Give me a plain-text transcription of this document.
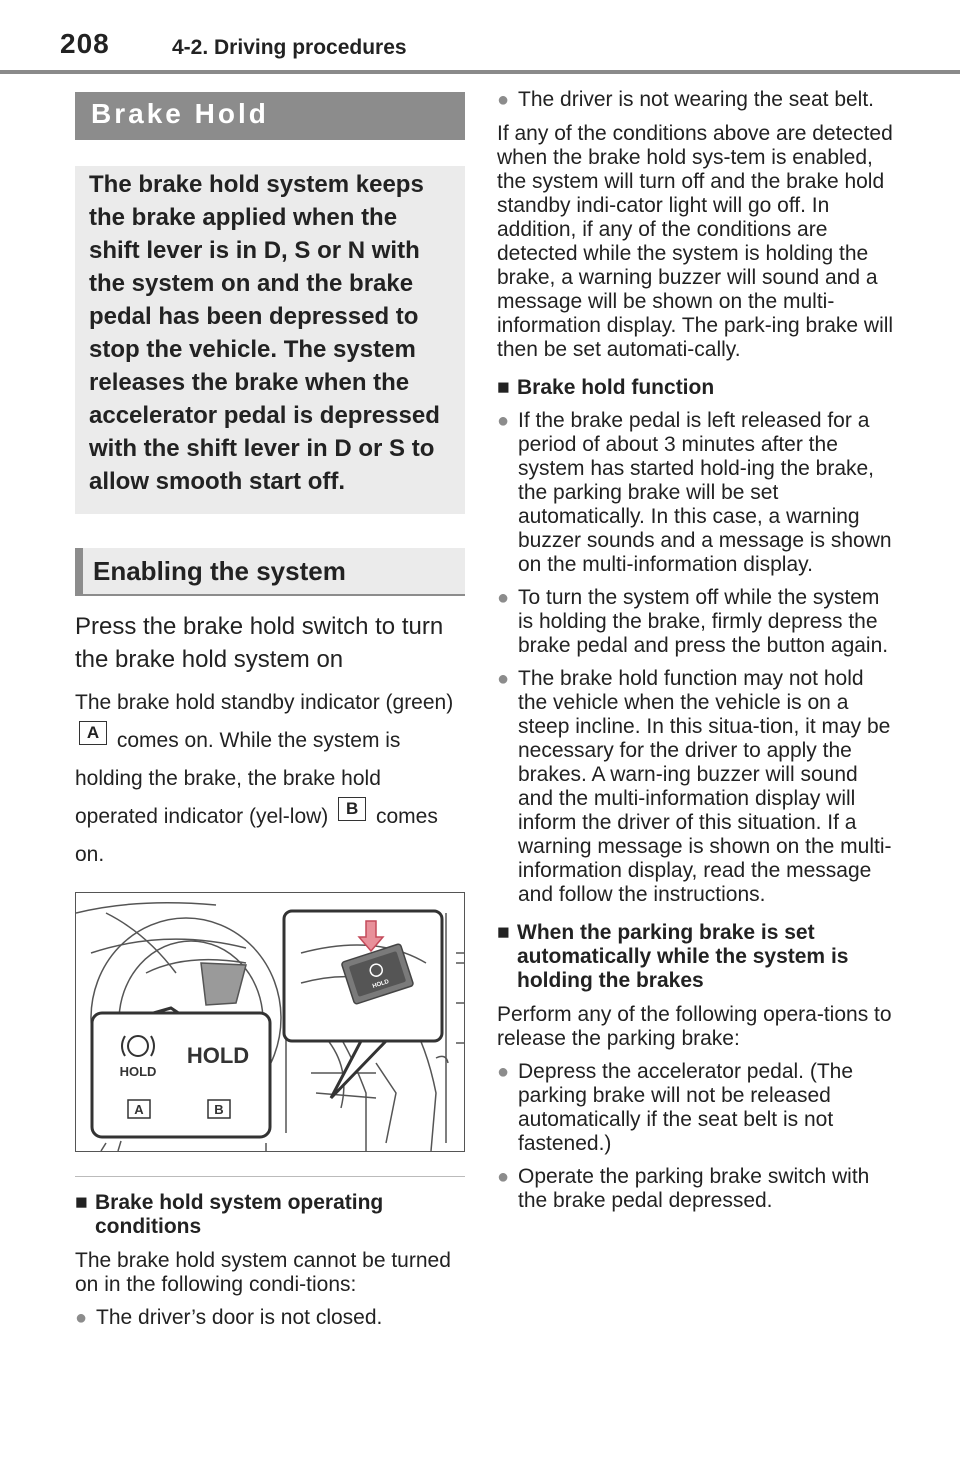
208	4-2. Driving procedures
Brake Hold
The brake hold system keeps the brake applied when the shift lever is in D, S or N with the system on and the brake pedal has been depressed to stop the vehicle. The system releases the brake when the accelerator pedal is depressed with the shift lever in D or S to allow smooth start off.
Enabling the system
Press the brake hold switch to turn the brake hold system on
The brake hold standby indicator (green) A comes on. While the system is holding the brake, the brake hold operated indicator (yel-low) B comes on.
HOLD
HOLD
HOLD
A	B
■ Brake hold system operating conditions
The brake hold system cannot be turned on in the following condi-tions:
● The driver’s door is not closed.
● The driver is not wearing the seat belt.
If any of the conditions above are detected when the brake hold sys-tem is enabled, the system will turn off and the brake hold standby indi-cator light will go off. In addition, if any of the conditions are detected while the system is holding the brake, a warning buzzer will sound and a message will be shown on the multi-information display. The park-ing brake will then be set automati-cally.
■ Brake hold function
● If the brake pedal is left released for a period of about 3 minutes after the system has started hold-ing the brake, the parking brake will be set automatically. In this case, a warning buzzer sounds and a message is shown on the multi-information display.
● To turn the system off while the system is holding the brake, firmly depress the brake pedal and press the button again.
● The brake hold function may not hold the vehicle when the vehicle is on a steep incline. In this situa-tion, it may be necessary for the driver to apply the brakes. A warn-ing buzzer will sound and the multi-information display will inform the driver of this situation. If a warning message is shown on the multi-information display, read the message and follow the instructions.
■ When the parking brake is set automatically while the system is holding the brakes
Perform any of the following opera-tions to release the parking brake:
● Depress the accelerator pedal. (The parking brake will not be released automatically if the seat belt is not fastened.)
● Operate the parking brake switch with the brake pedal depressed.
